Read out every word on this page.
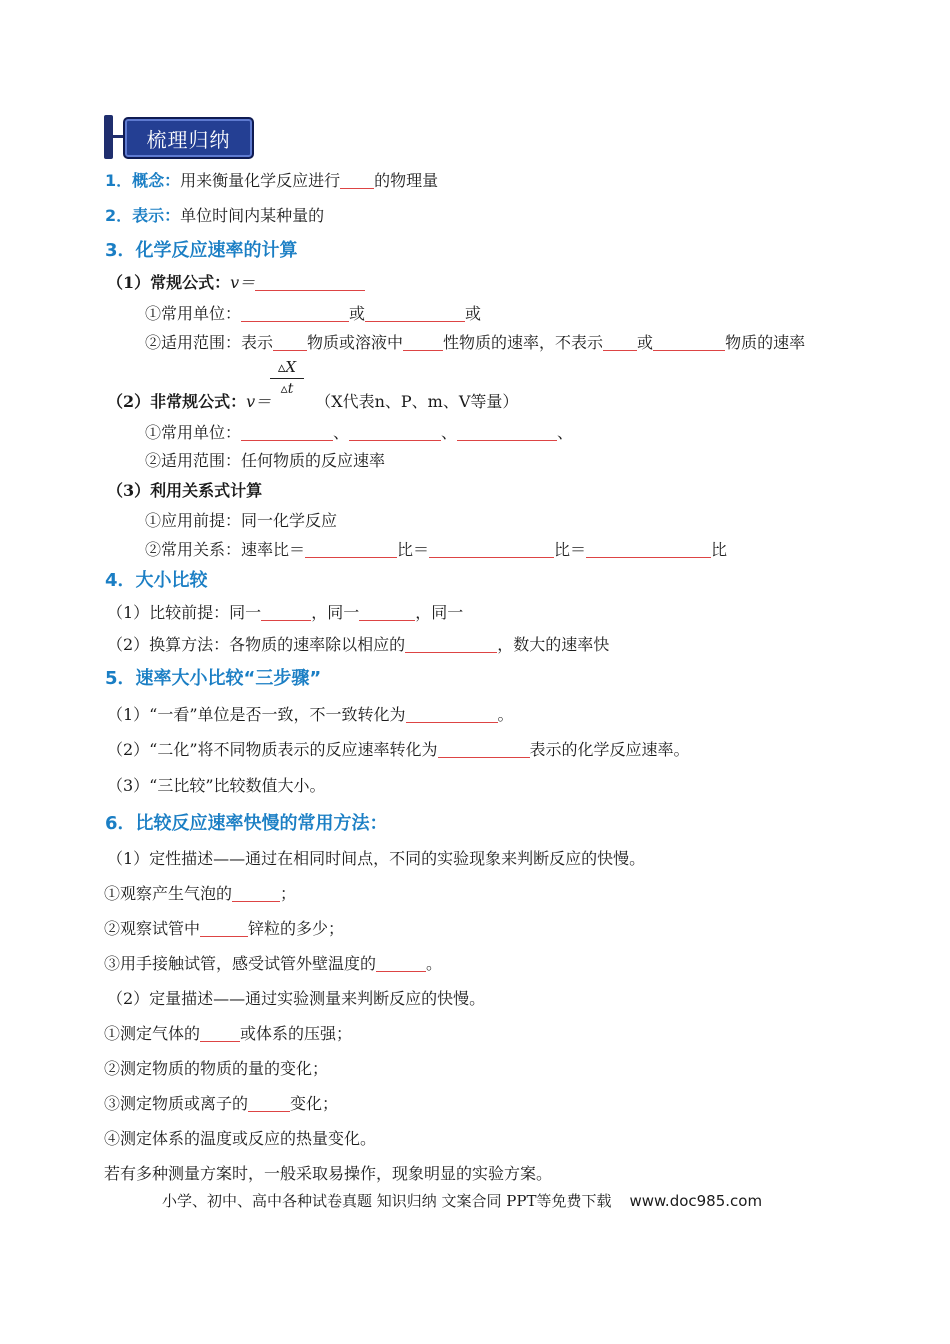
梳理归纳
1．概念：用来衡量化学反应进行 的物理量
2．表示：单位时间内某种量的
3．化学反应速率的计算
（1）常规公式：v＝
①常用单位：	或	或
②适用范围：表示 物质或溶液中	性物质的速率，不表示 或	物质的速率
▵X
▵t
（2）非常规公式：v＝	（X代表n、P、m、V等量）
①常用单位：	、	、	、
②适用范围：任何物质的反应速率
（3）利用关系式计算
①应用前提：同一化学反应
②常用关系：速率比＝	比＝	比＝	比
4．大小比较
（1）比较前提：同一	，同一	，同一
（2）换算方法：各物质的速率除以相应的	，数大的速率快
5．速率大小比较“三步骤”
（1）“一看”单位是否一致，不一致转化为	。
（2）“二化”将不同物质表示的反应速率转化为	表示的化学反应速率。
（3）“三比较”比较数值大小。
6．比较反应速率快慢的常用方法：
（1）定性描述——通过在相同时间点，不同的实验现象来判断反应的快慢。
①观察产生气泡的	；
②观察试管中	锌粒的多少；
③用手接触试管，感受试管外壁温度的	。
（2）定量描述——通过实验测量来判断反应的快慢。
①测定气体的	或体系的压强；
②测定物质的物质的量的变化；
③测定物质或离子的	变化；
④测定体系的温度或反应的热量变化。
若有多种测量方案时，一般采取易操作，现象明显的实验方案。
小学、初中、高中各种试卷真题 知识归纳 文案合同 PPT等免费下载 www.doc985.com
